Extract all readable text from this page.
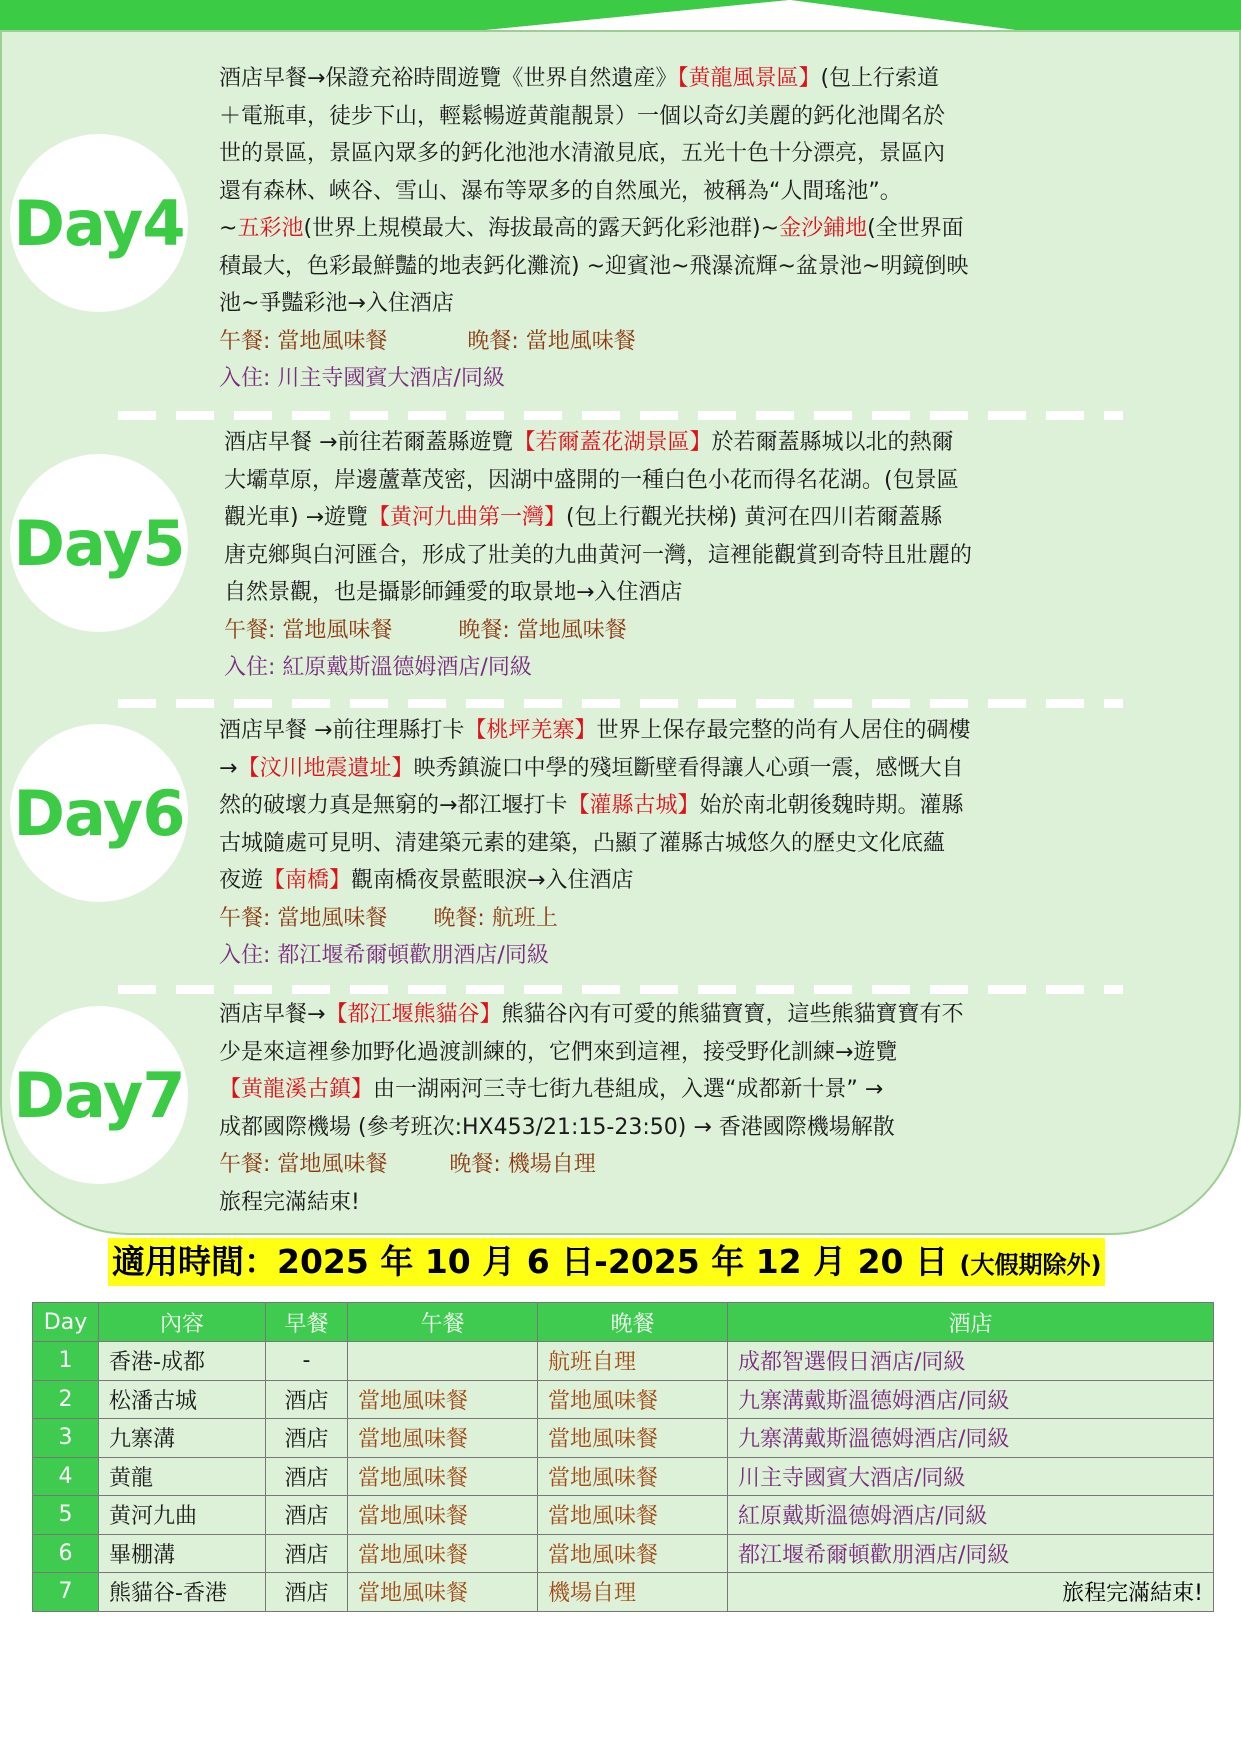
Day4

酒店早餐→保證充裕時間遊覽《世界自然遺産》【黄龍風景區】(包上行索道

＋電瓶車，徒步下山，輕鬆暢遊黄龍靚景）一個以奇幻美麗的鈣化池聞名於

世的景區，景區內眾多的鈣化池池水清澈見底，五光十色十分漂亮，景區內

還有森林、峽谷、雪山、瀑布等眾多的自然風光，被稱為“人間瑤池”。

~五彩池(世界上規模最大、海拔最高的露天鈣化彩池群)~金沙鋪地(全世界面

積最大，色彩最鮮豔的地表鈣化灘流) ~迎賓池~飛瀑流輝~盆景池~明鏡倒映

池~爭豔彩池→入住酒店

午餐: 當地風味餐	晚餐: 當地風味餐

入住: 川主寺國賓大酒店/同級

Day5

酒店早餐 →前往若爾蓋縣遊覽【若爾蓋花湖景區】於若爾蓋縣城以北的熱爾

大壩草原，岸邊蘆葦茂密，因湖中盛開的一種白色小花而得名花湖。(包景區

觀光車) →遊覽【黄河九曲第一灣】(包上行觀光扶梯) 黄河在四川若爾蓋縣

唐克鄉與白河匯合，形成了壯美的九曲黄河一灣，這裡能觀賞到奇特且壯麗的

自然景觀，也是攝影師鍾愛的取景地→入住酒店

午餐: 當地風味餐	晚餐: 當地風味餐

入住: 紅原戴斯溫德姆酒店/同級

Day6

酒店早餐 →前往理縣打卡【桃坪羌寨】世界上保存最完整的尚有人居住的碉樓

→【汶川地震遺址】映秀鎮漩口中學的殘垣斷壁看得讓人心頭一震，感慨大自

然的破壞力真是無窮的→都江堰打卡【灌縣古城】始於南北朝後魏時期。灌縣

古城隨處可見明、清建築元素的建築，凸顯了灌縣古城悠久的歷史文化底蘊

夜遊【南橋】觀南橋夜景藍眼淚→入住酒店

午餐: 當地風味餐 晚餐: 航班上

入住: 都江堰希爾頓歡朋酒店/同級

Day7

酒店早餐→【都江堰熊貓谷】熊貓谷內有可愛的熊貓寶寶，這些熊貓寶寶有不

少是來這裡參加野化過渡訓練的，它們來到這裡，接受野化訓練→遊覽

【黄龍溪古鎮】由一湖兩河三寺七街九巷組成，入選“成都新十景” →

成都國際機場 (參考班次:HX453/21:15-23:50) → 香港國際機場解散

午餐: 當地風味餐	晚餐: 機場自理

旅程完滿結束!

適用時間：2025 年 10 月 6 日-2025 年 12 月 20 日 (大假期除外)
Day	內容	早餐	午餐	晚餐	酒店
1	香港-成都	-		航班自理	成都智選假日酒店/同級
2	松潘古城	酒店	當地風味餐	當地風味餐	九寨溝戴斯溫德姆酒店/同級
3	九寨溝	酒店	當地風味餐	當地風味餐	九寨溝戴斯溫德姆酒店/同級
4	黄龍	酒店	當地風味餐	當地風味餐	川主寺國賓大酒店/同級
5	黄河九曲	酒店	當地風味餐	當地風味餐	紅原戴斯溫德姆酒店/同級
6	畢棚溝	酒店	當地風味餐	當地風味餐	都江堰希爾頓歡朋酒店/同級
7	熊貓谷-香港	酒店	當地風味餐	機場自理	旅程完滿結束!
